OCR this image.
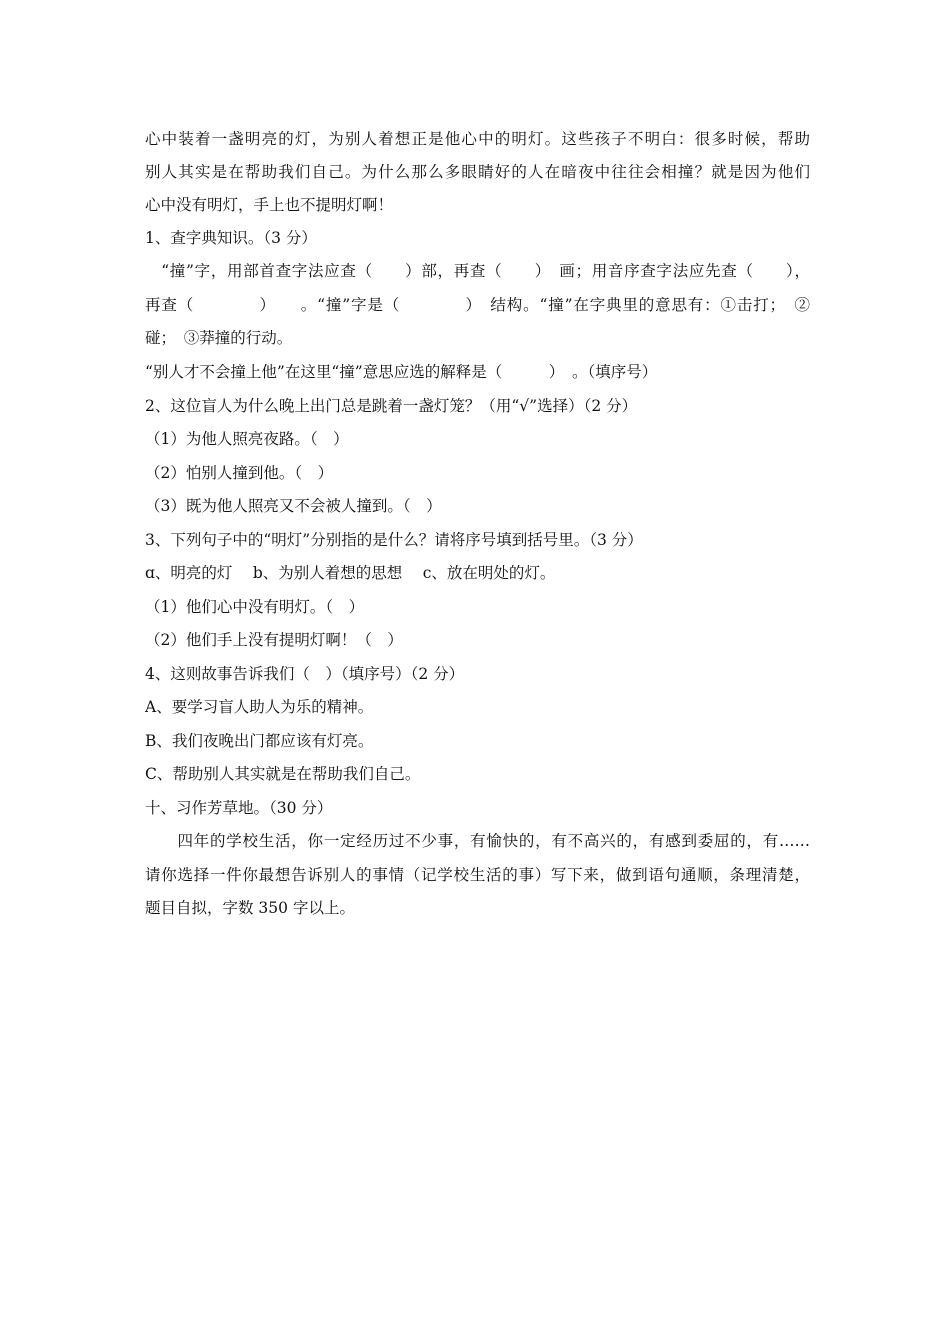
心中装着一盏明亮的灯，为别人着想正是他心中的明灯。这些孩子不明白：很多时候，帮助
别人其实是在帮助我们自己。为什么那么多眼睛好的人在暗夜中往往会相撞？就是因为他们
心中没有明灯，手上也不提明灯啊！
1、查字典知识。（3 分）
　“撞”字，用部首查字法应查（　　）部，再查（　　）　画；用音序查字法应先查（　　），
再查（　　　　）　　。“撞”字是（　　　　）　结构。“撞”在字典里的意思有：①击打；　②
碰；　③莽撞的行动。
“别人才不会撞上他”在这里“撞”意思应选的解释是（　　　）　。（填序号）
2、这位盲人为什么晚上出门总是跳着一盏灯笼？（用“√”选择）（2 分）
（1）为他人照亮夜路。（　）
（2）怕别人撞到他。（　）
（3）既为他人照亮又不会被人撞到。（　）
3、下列句子中的“明灯”分别指的是什么？请将序号填到括号里。（3 分）
ɑ、明亮的灯　 b、为别人着想的思想　 c、放在明处的灯。
（1）他们心中没有明灯。（　）
（2）他们手上没有提明灯啊！（　）
4、这则故事告诉我们（　）（填序号）（2 分）
A、要学习盲人助人为乐的精神。
B、我们夜晚出门都应该有灯亮。
C、帮助别人其实就是在帮助我们自己。
十、习作芳草地。（30 分）
　　四年的学校生活，你一定经历过不少事，有愉快的，有不高兴的，有感到委屈的，有……
请你选择一件你最想告诉别人的事情（记学校生活的事）写下来，做到语句通顺，条理清楚，
题目自拟，字数 350 字以上。
